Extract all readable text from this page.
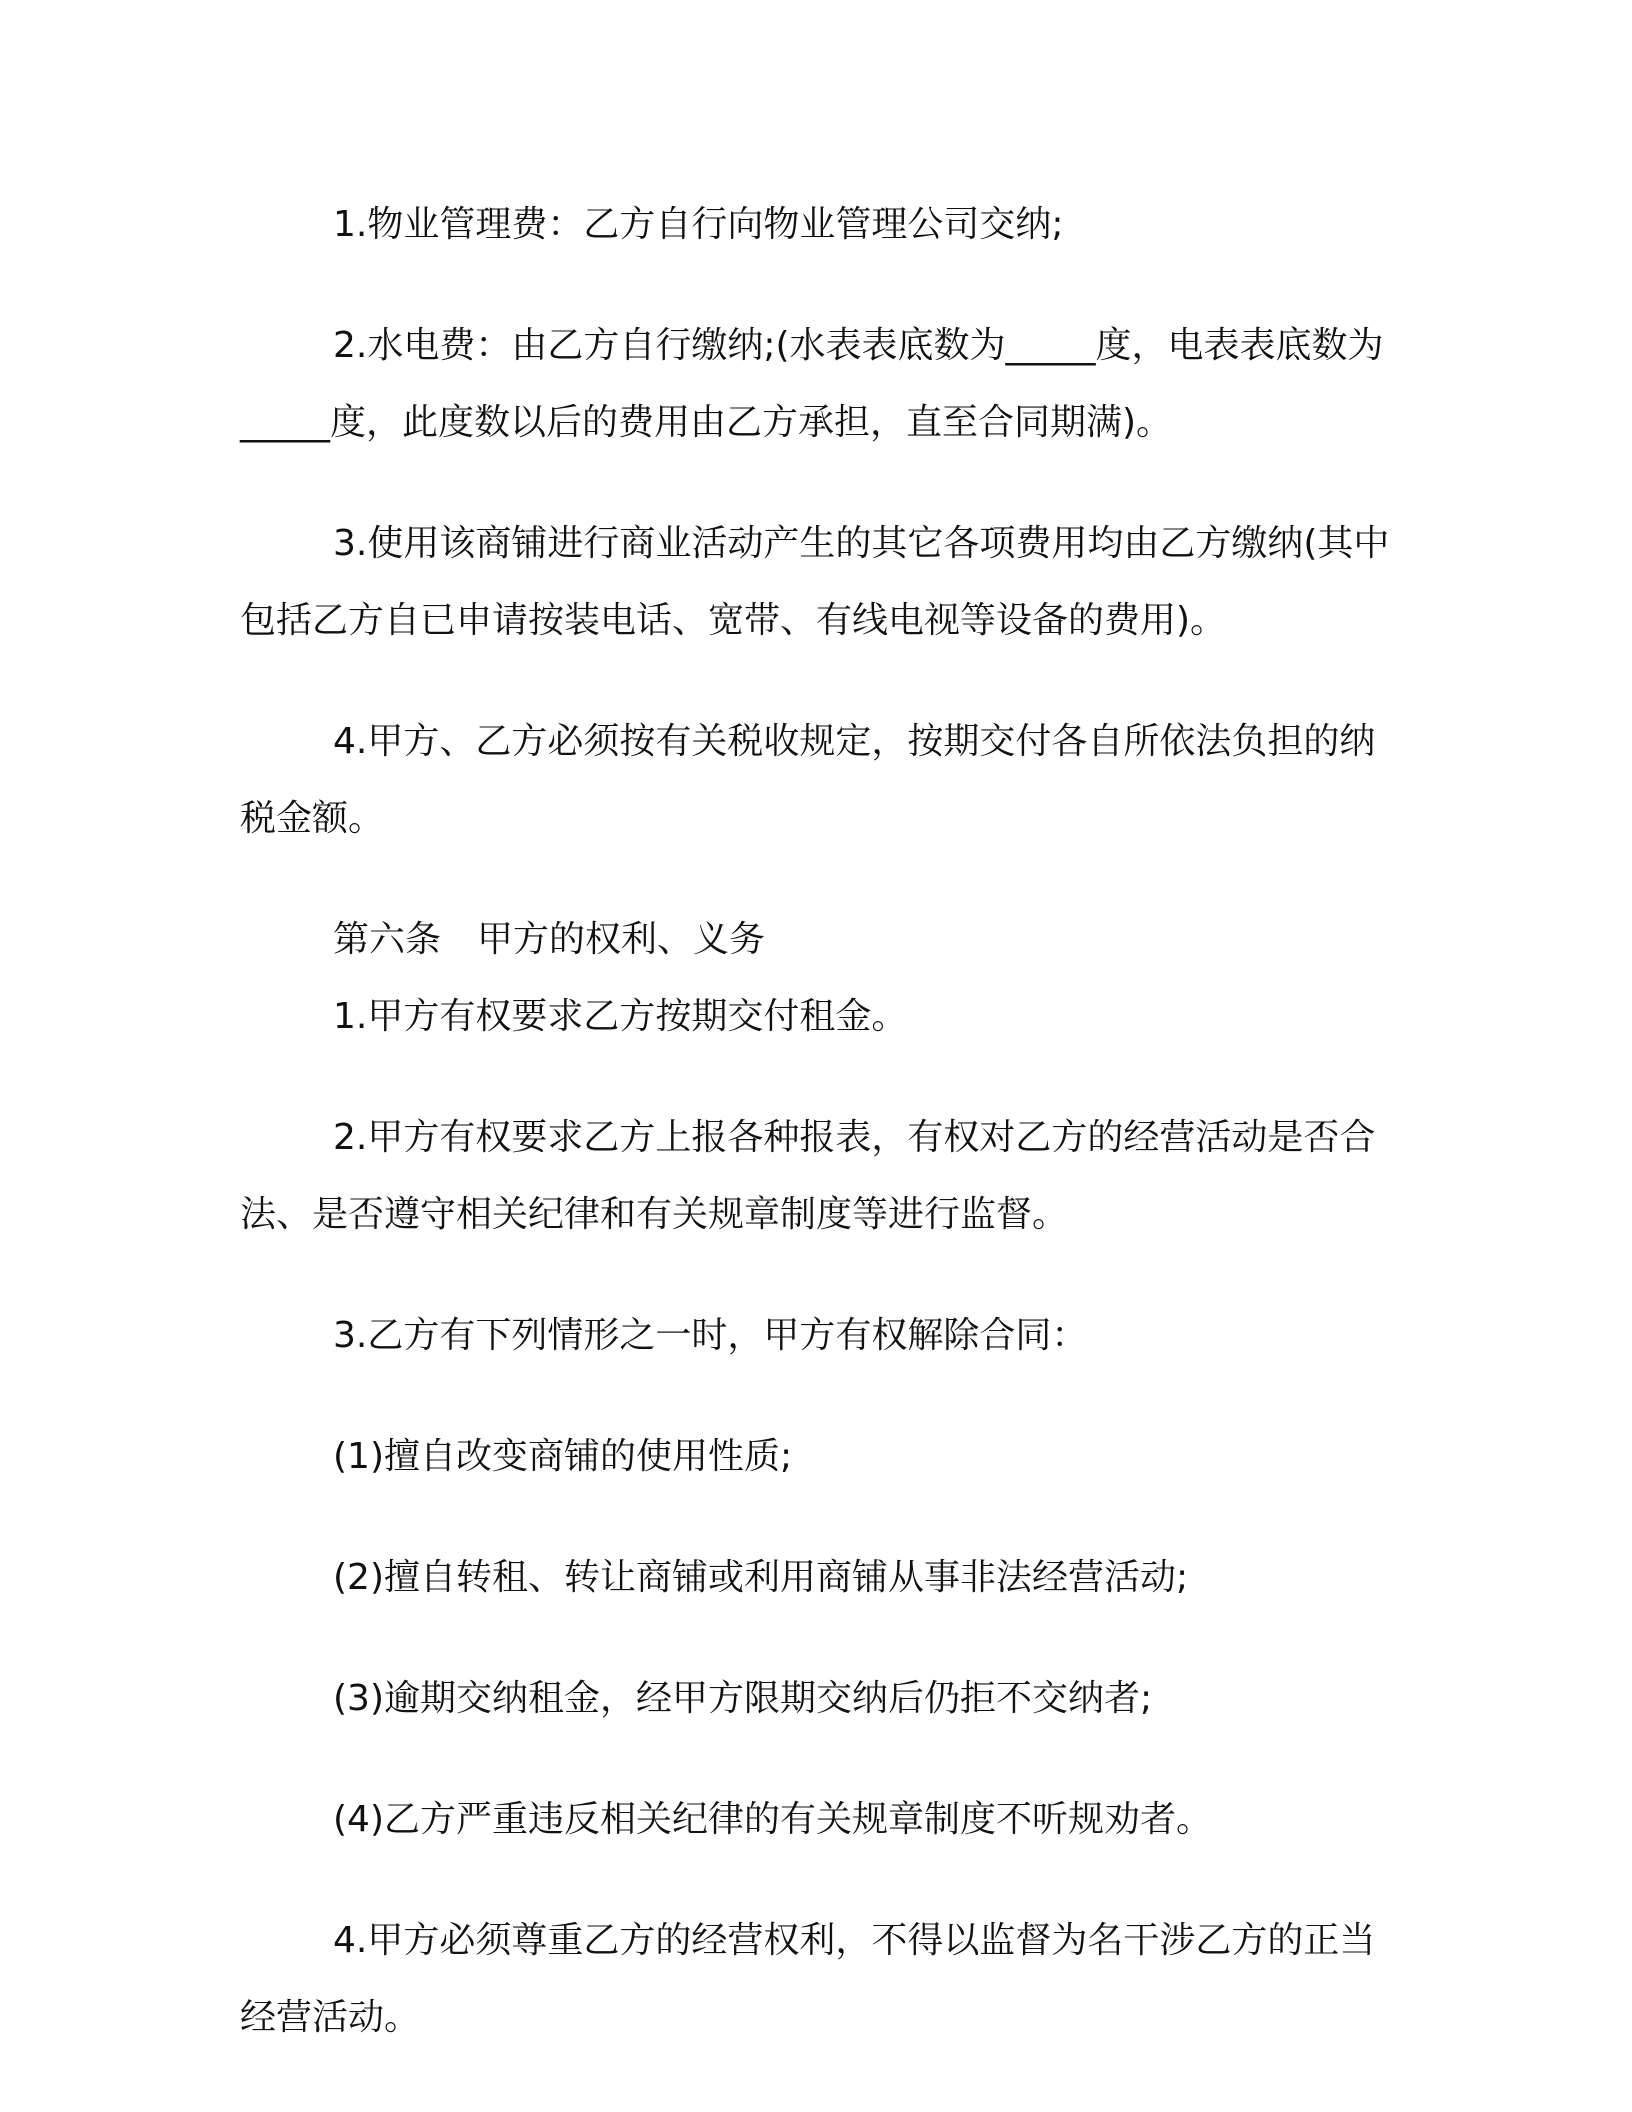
1.物业管理费：乙方自行向物业管理公司交纳;

2.水电费：由乙方自行缴纳;(水表表底数为_____度，电表表底数为_____度，此度数以后的费用由乙方承担，直至合同期满)。

3.使用该商铺进行商业活动产生的其它各项费用均由乙方缴纳(其中包括乙方自已申请按装电话、宽带、有线电视等设备的费用)。

4.甲方、乙方必须按有关税收规定，按期交付各自所依法负担的纳税金额。

第六条 甲方的权利、义务

1.甲方有权要求乙方按期交付租金。

2.甲方有权要求乙方上报各种报表，有权对乙方的经营活动是否合法、是否遵守相关纪律和有关规章制度等进行监督。

3.乙方有下列情形之一时，甲方有权解除合同：

(1)擅自改变商铺的使用性质;

(2)擅自转租、转让商铺或利用商铺从事非法经营活动;

(3)逾期交纳租金，经甲方限期交纳后仍拒不交纳者;

(4)乙方严重违反相关纪律的有关规章制度不听规劝者。

4.甲方必须尊重乙方的经营权利，不得以监督为名干涉乙方的正当经营活动。
